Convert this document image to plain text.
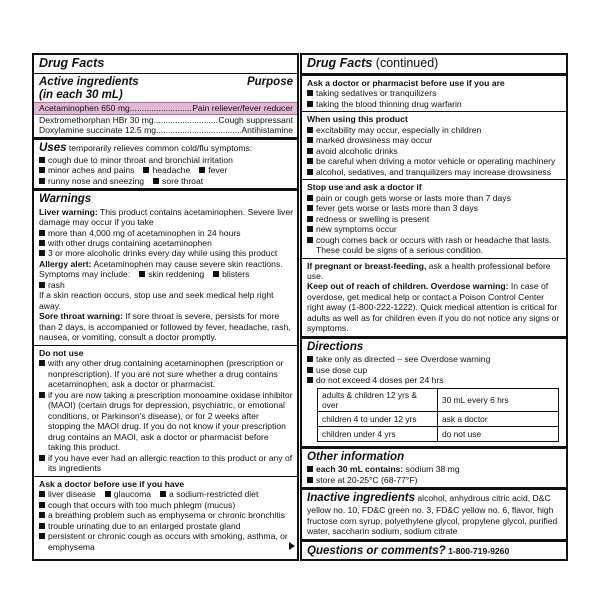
Drug Facts
Active ingredients	Purpose
(in each 30 mL)
Acetaminophen 650 mg .....	Pain reliever/fever reducer
Dextromethorphan HBr 30 mg .....	Cough suppressant
Doxylamine succinate 12.5 mg .....	Antihistamine
Uses temporarily relieves common cold/flu symptoms:
cough due to minor throat and bronchial irritation
minor aches and pains	headache	fever
runny nose and sneezing	sore throat
Warnings
Liver warning: This product contains acetaminophen. Severe liver damage may occur if you take
more than 4,000 mg of acetaminophen in 24 hours
with other drugs containing acetaminophen
3 or more alcoholic drinks every day while using this product
Allergy alert: Acetaminophen may cause severe skin reactions.
Symptoms may include:	skin reddening	blisters
rash
If a skin reaction occurs, stop use and seek medical help right away.
Sore throat warning: If sore throat is severe, persists for more than 2 days, is accompanied or followed by fever, headache, rash, nausea, or vomiting, consult a doctor promptly.
Do not use
with any other drug containing acetaminophen (prescription or nonprescription). If you are not sure whether a drug contains acetaminophen, ask a doctor or pharmacist.
if you are now taking a prescription monoamine oxidase inhibitor (MAOI) (certain drugs for depression, psychiatric, or emotional conditions, or Parkinson's disease), or for 2 weeks after stopping the MAOI drug. If you do not know if your prescription drug contains an MAOI, ask a doctor or pharmacist before taking this product.
if you have ever had an allergic reaction to this product or any of its ingredients
Ask a doctor before use if you have
liver disease	glaucoma	a sodium-restricted diet
cough that occurs with too much phlegm (mucus)
a breathing problem such as emphysema or chronic bronchitis
trouble urinating due to an enlarged prostate gland
persistent or chronic cough as occurs with smoking, asthma, or emphysema
Drug Facts (continued)
Ask a doctor or pharmacist before use if you are
taking sedatives or tranquilizers
taking the blood thinning drug warfarin
When using this product
excitability may occur, especially in children
marked drowsiness may occur
avoid alcoholic drinks
be careful when driving a motor vehicle or operating machinery
alcohol, sedatives, and tranquilizers may increase drowsiness
Stop use and ask a doctor if
pain or cough gets worse or lasts more than 7 days
fever gets worse or lasts more than 3 days
redness or swelling is present
new symptoms occur
cough comes back or occurs with rash or headache that lasts. These could be signs of a serious condition.
If pregnant or breast-feeding, ask a health professional before use.
Keep out of reach of children. Overdose warning: In case of overdose, get medical help or contact a Poison Control Center right away (1-800-222-1222). Quick medical attention is critical for adults as well as for children even if you do not notice any signs or symptoms.
Directions
take only as directed – see Overdose warning
use dose cup
do not exceed 4 doses per 24 hrs
adults & children 12 yrs & over	30 mL every 6 hrs
children 4 to under 12 yrs	ask a doctor
children under 4 yrs	do not use
Other information
each 30 mL contains: sodium 38 mg
store at 20-25°C (68-77°F)
Inactive ingredients alcohol, anhydrous citric acid, D&C yellow no. 10, FD&C green no. 3, FD&C yellow no. 6, flavor, high fructose corn syrup, polyethylene glycol, propylene glycol, purified water, saccharin sodium, sodium citrate
Questions or comments? 1-800-719-9260
